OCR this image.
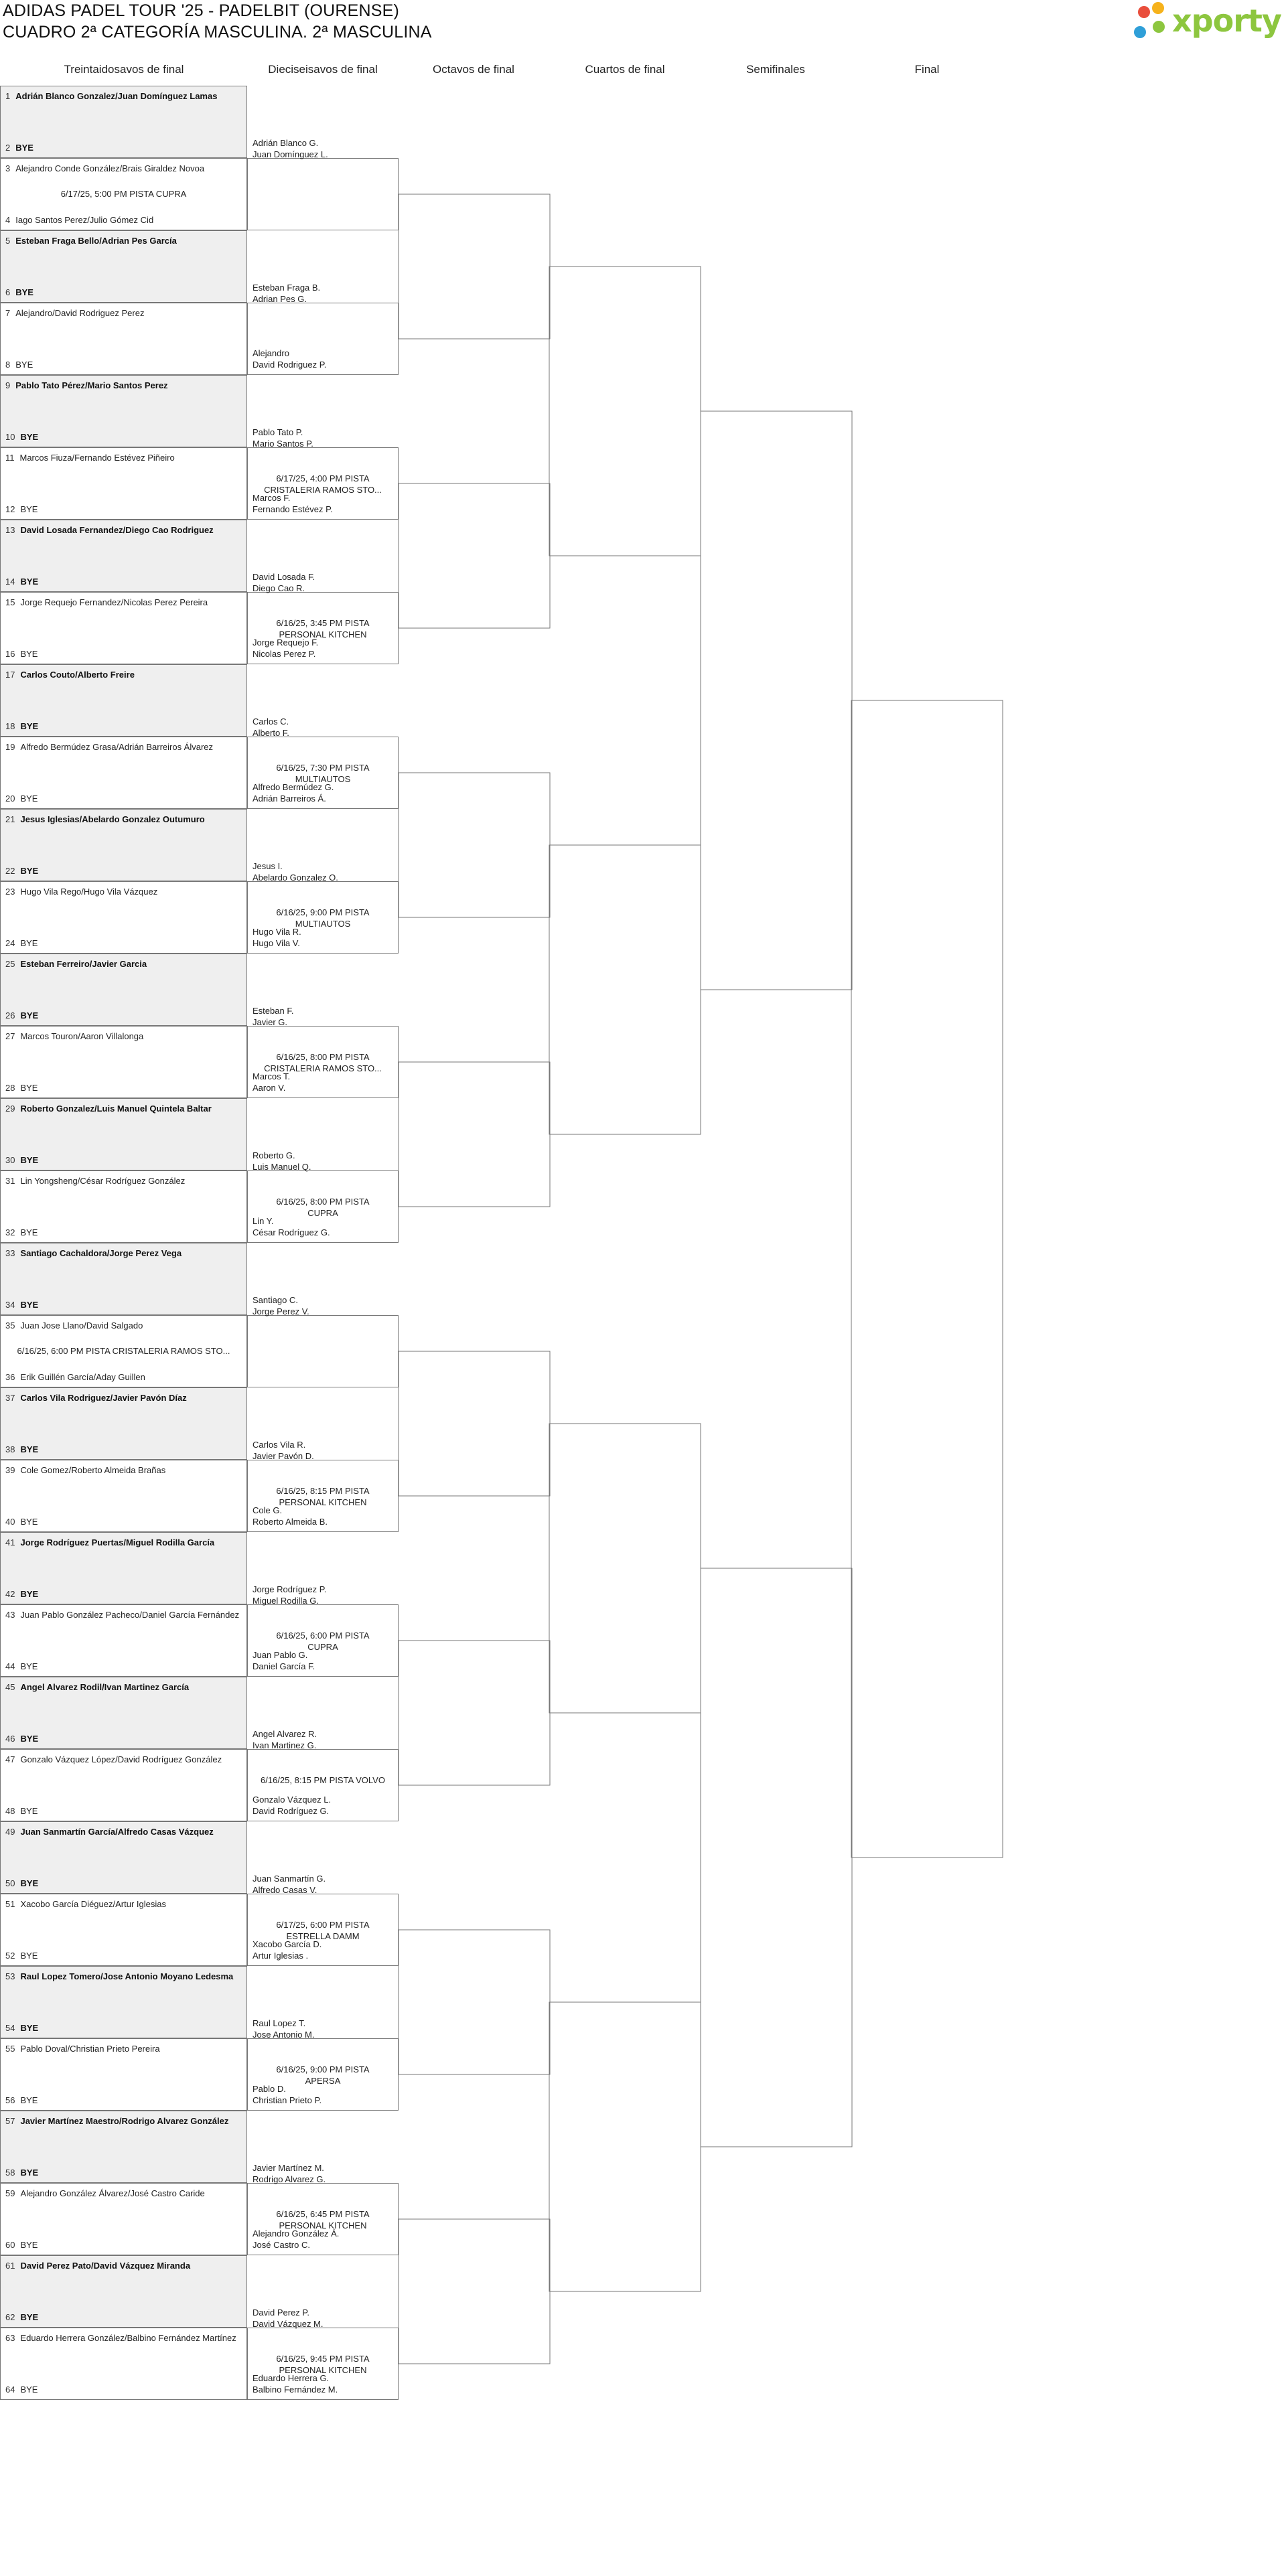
ADIDAS PADEL TOUR '25 - PADELBIT (OURENSE)
CUADRO 2ª CATEGORÍA MASCULINA. 2ª MASCULINA	xporty
Treintaidosavos de final	Dieciseisavos de final	Octavos de final	Cuartos de final	Semifinales	Final
1 Adrián Blanco Gonzalez/Juan Domínguez Lamas
2 BYE
3 Alejandro Conde González/Brais Giraldez Novoa
4 Iago Santos Perez/Julio Gómez Cid
6/17/25, 5:00 PM PISTA CUPRA
5 Esteban Fraga Bello/Adrian Pes García
6 BYE
7 Alejandro/David Rodriguez Perez
8 BYE
9 Pablo Tato Pérez/Mario Santos Perez
10 BYE
11 Marcos Fiuza/Fernando Estévez Piñeiro
12 BYE
13 David Losada Fernandez/Diego Cao Rodriguez
14 BYE
15 Jorge Requejo Fernandez/Nicolas Perez Pereira
16 BYE
17 Carlos Couto/Alberto Freire
18 BYE
19 Alfredo Bermúdez Grasa/Adrián Barreiros Álvarez
20 BYE
21 Jesus Iglesias/Abelardo Gonzalez Outumuro
22 BYE
23 Hugo Vila Rego/Hugo Vila Vázquez
24 BYE
25 Esteban Ferreiro/Javier Garcia
26 BYE
27 Marcos Touron/Aaron Villalonga
28 BYE
29 Roberto Gonzalez/Luis Manuel Quintela Baltar
30 BYE
31 Lin Yongsheng/César Rodríguez González
32 BYE
33 Santiago Cachaldora/Jorge Perez Vega
34 BYE
35 Juan Jose Llano/David Salgado
36 Erik Guillén García/Aday Guillen
6/16/25, 6:00 PM PISTA CRISTALERIA RAMOS STO...
37 Carlos Vila Rodriguez/Javier Pavón Díaz
38 BYE
39 Cole Gomez/Roberto Almeida Brañas
40 BYE
41 Jorge Rodríguez Puertas/Miguel Rodilla García
42 BYE
43 Juan Pablo González Pacheco/Daniel García Fernández
44 BYE
45 Angel Alvarez Rodil/Ivan Martinez García
46 BYE
47 Gonzalo Vázquez López/David Rodríguez González
48 BYE
49 Juan Sanmartín García/Alfredo Casas Vázquez
50 BYE
51 Xacobo García Diéguez/Artur Iglesias
52 BYE
53 Raul Lopez Tomero/Jose Antonio Moyano Ledesma
54 BYE
55 Pablo Doval/Christian Prieto Pereira
56 BYE
57 Javier Martínez Maestro/Rodrigo Alvarez González
58 BYE
59 Alejandro González Álvarez/José Castro Caride
60 BYE
61 David Perez Pato/David Vázquez Miranda
62 BYE
63 Eduardo Herrera González/Balbino Fernández Martínez
64 BYE
Adrián Blanco G.
Juan Domínguez L.
Esteban Fraga B.
Adrian Pes G.
Alejandro
David Rodriguez P.
Pablo Tato P.
Mario Santos P.
Marcos F.
Fernando Estévez P.
6/17/25, 4:00 PM PISTA
CRISTALERIA RAMOS STO...
David Losada F.
Diego Cao R.
Jorge Requejo F.
Nicolas Perez P.
6/16/25, 3:45 PM PISTA
PERSONAL KITCHEN
Carlos C.
Alberto F.
Alfredo Bermúdez G.
Adrián Barreiros Á.
6/16/25, 7:30 PM PISTA
MULTIAUTOS
Jesus I.
Abelardo Gonzalez O.
Hugo Vila R.
Hugo Vila V.
6/16/25, 9:00 PM PISTA
MULTIAUTOS
Esteban F.
Javier G.
Marcos T.
Aaron V.
6/16/25, 8:00 PM PISTA
CRISTALERIA RAMOS STO...
Roberto G.
Luis Manuel Q.
Lin Y.
César Rodríguez G.
6/16/25, 8:00 PM PISTA
CUPRA
Santiago C.
Jorge Perez V.
Carlos Vila R.
Javier Pavón D.
Cole G.
Roberto Almeida B.
6/16/25, 8:15 PM PISTA
PERSONAL KITCHEN
Jorge Rodríguez P.
Miguel Rodilla G.
Juan Pablo G.
Daniel García F.
6/16/25, 6:00 PM PISTA
CUPRA
Angel Alvarez R.
Ivan Martinez G.
Gonzalo Vázquez L.
David Rodríguez G.
6/16/25, 8:15 PM PISTA VOLVO
Juan Sanmartín G.
Alfredo Casas V.
Xacobo García D.
Artur Iglesias .
6/17/25, 6:00 PM PISTA
ESTRELLA DAMM
Raul Lopez T.
Jose Antonio M.
Pablo D.
Christian Prieto P.
6/16/25, 9:00 PM PISTA
APERSA
Javier Martínez M.
Rodrigo Alvarez G.
Alejandro González Á.
José Castro C.
6/16/25, 6:45 PM PISTA
PERSONAL KITCHEN
David Perez P.
David Vázquez M.
Eduardo Herrera G.
Balbino Fernández M.
6/16/25, 9:45 PM PISTA
PERSONAL KITCHEN
